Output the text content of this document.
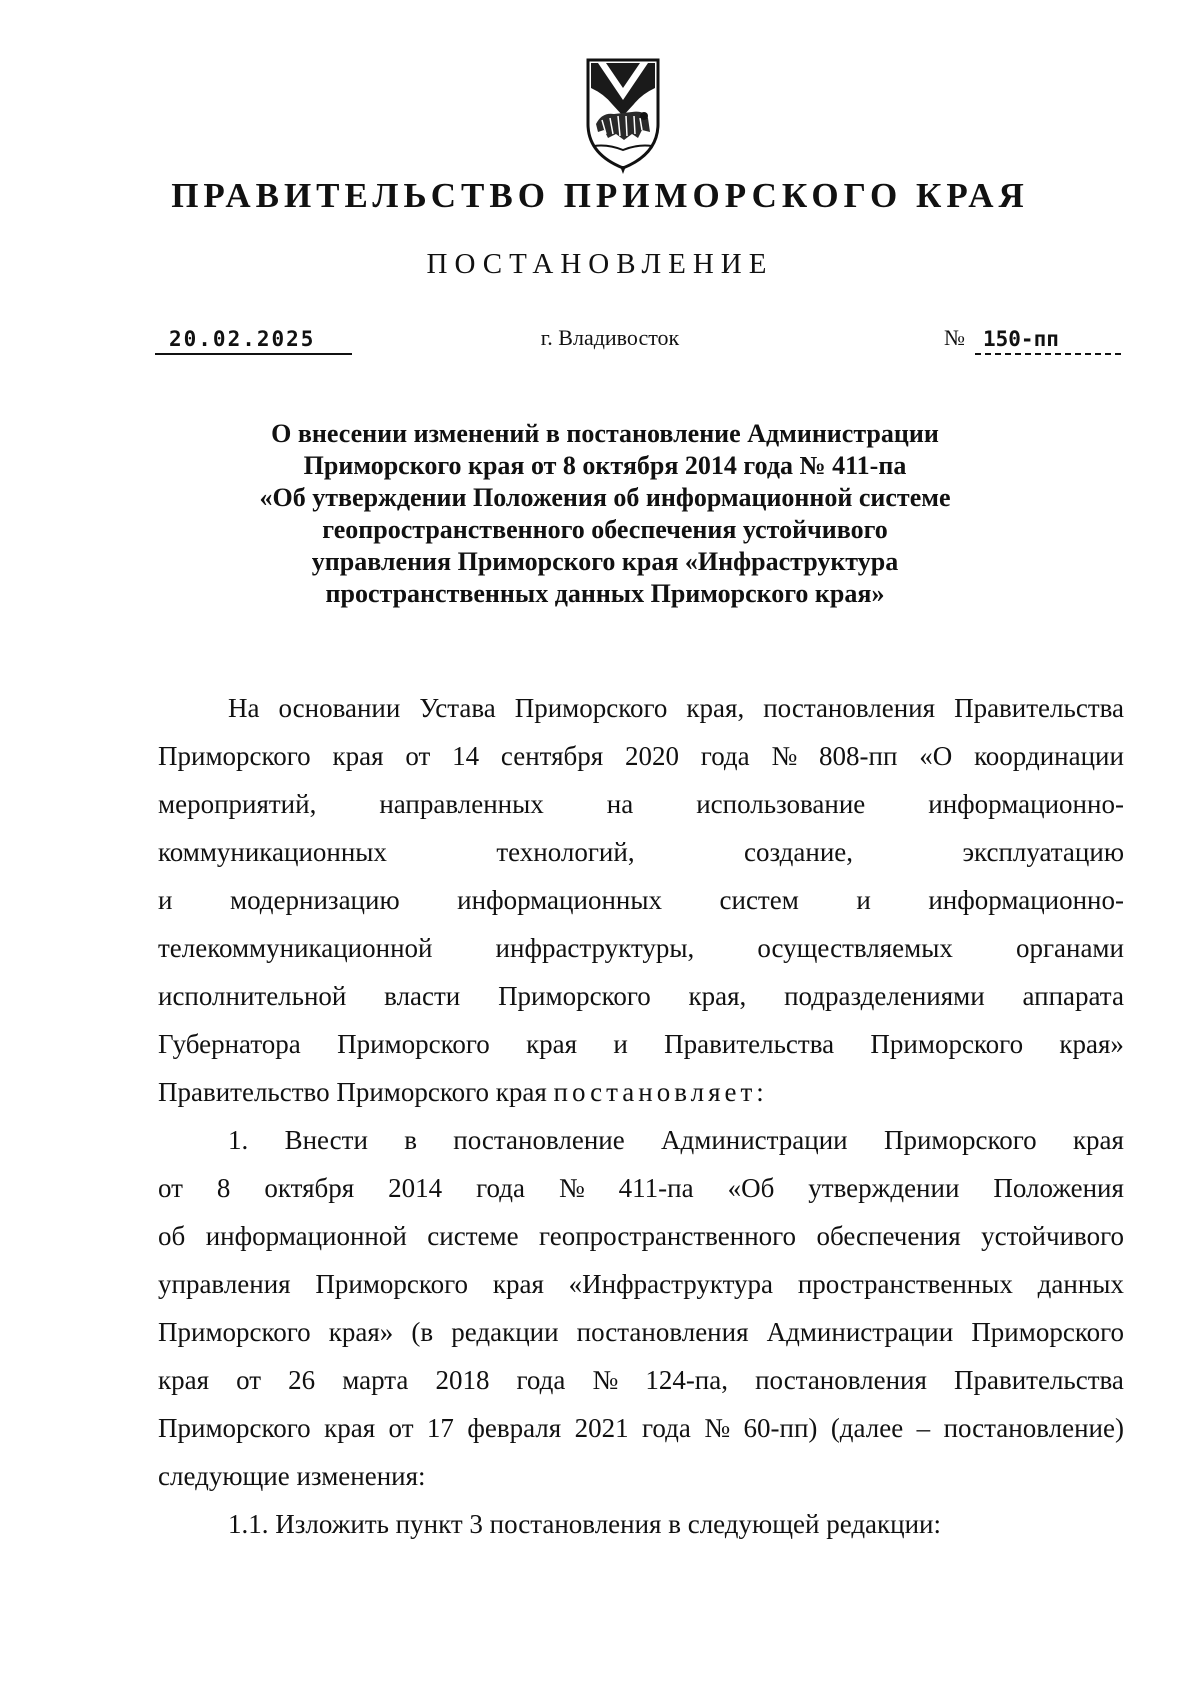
ПРАВИТЕЛЬСТВО ПРИМОРСКОГО КРАЯ
ПОСТАНОВЛЕНИЕ
20.02.2025	г. Владивосток	№ 150-пп
О внесении изменений в постановление Администрации
Приморского края от 8 октября 2014 года № 411-па
«Об утверждении Положения об информационной системе
геопространственного обеспечения устойчивого
управления Приморского края «Инфраструктура
пространственных данных Приморского края»
На основании Устава Приморского края, постановления Правительства
Приморского края от 14 сентября 2020 года № 808-пп «О координации
мероприятий, направленных на использование информационно-
коммуникационных	технологий,	создание,	эксплуатацию
и модернизацию информационных систем и информационно-
телекоммуникационной инфраструктуры, осуществляемых органами
исполнительной власти Приморского края, подразделениями аппарата
Губернатора Приморского края и Правительства Приморского края»
Правительство Приморского края постановляет:
1. Внести в постановление Администрации Приморского края
от 8 октября 2014 года № 411-па «Об утверждении Положения
об информационной системе геопространственного обеспечения устойчивого
управления Приморского края «Инфраструктура пространственных данных
Приморского края» (в редакции постановления Администрации Приморского
края от 26 марта 2018 года № 124-па, постановления Правительства
Приморского края от 17 февраля 2021 года № 60-пп) (далее – постановление)
следующие изменения:
1.1. Изложить пункт 3 постановления в следующей редакции:
